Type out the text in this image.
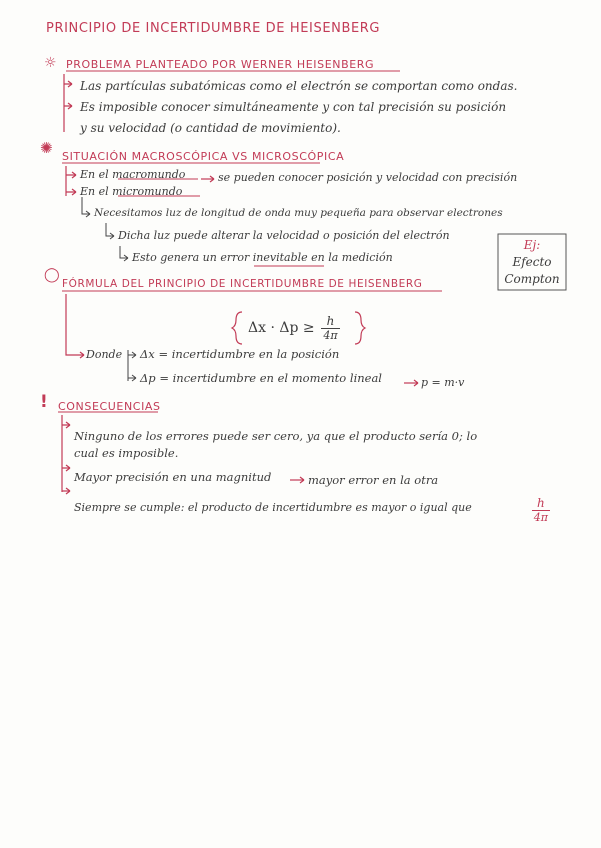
PRINCIPIO DE INCERTIDUMBRE DE HEISENBERG
☼ PROBLEMA PLANTEADO POR WERNER HEISENBERG
Las partículas subatómicas como el electrón se comportan como ondas.
Es imposible conocer simultáneamente y con tal precisión su posición
y su velocidad (o cantidad de movimiento).
✺ SITUACIÓN MACROSCÓPICA VS MICROSCÓPICA
En el macromundo	se pueden conocer posición y velocidad con precisión
En el micromundo
Necesitamos luz de longitud de onda muy pequeña para observar electrones
Dicha luz puede alterar la velocidad o posición del electrón
Esto genera un error inevitable en la medición
Ej:
Efecto
Compton
◯
FÓRMULA DEL PRINCIPIO DE INCERTIDUMBRE DE HEISENBERG
$\Delta x \cdot \Delta p \ge \frac{h}{4\pi}$
Donde Δx = incertidumbre en la posición
Δp = incertidumbre en el momento lineal	p = m·v
! CONSECUENCIAS
Ninguno de los errores puede ser cero, ya que el producto sería 0; lo
cual es imposible.
Mayor precisión en una magnitud	mayor error en la otra
Siempre se cumple: el producto de incertidumbre es mayor o igual que	$\frac{h}{4\pi}$
